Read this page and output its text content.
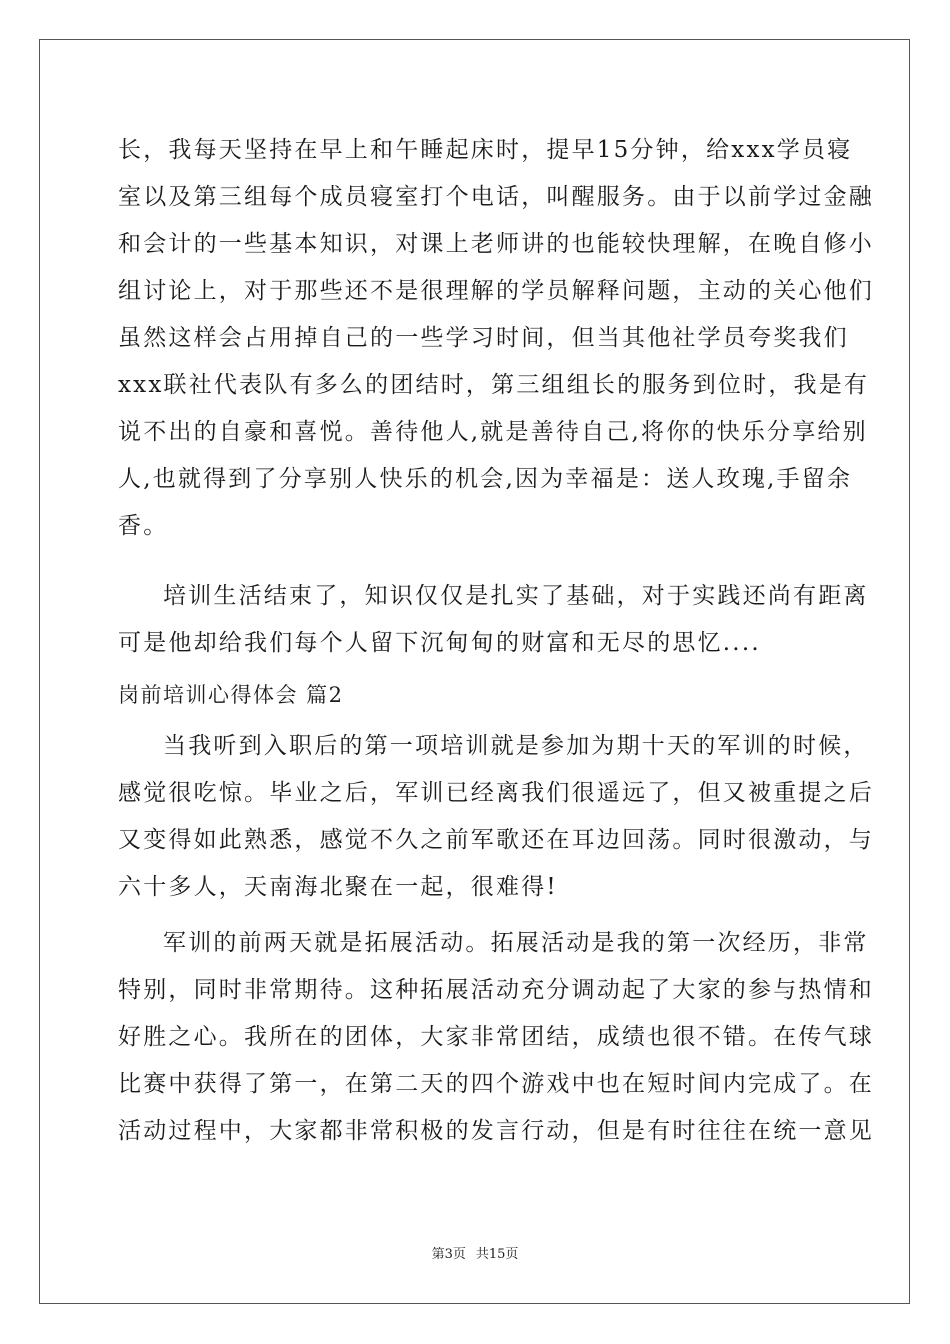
长，我每天坚持在早上和午睡起床时，提早15分钟，给xxx学员寝
室以及第三组每个成员寝室打个电话，叫醒服务。由于以前学过金融
和会计的一些基本知识，对课上老师讲的也能较快理解，在晚自修小
组讨论上，对于那些还不是很理解的学员解释问题，主动的关心他们
虽然这样会占用掉自己的一些学习时间，但当其他社学员夸奖我们
xxx联社代表队有多么的团结时，第三组组长的服务到位时，我是有
说不出的自豪和喜悦。善待他人,就是善待自己,将你的快乐分享给别
人,也就得到了分享别人快乐的机会,因为幸福是：送人玫瑰,手留余
香。
培训生活结束了，知识仅仅是扎实了基础，对于实践还尚有距离
可是他却给我们每个人留下沉甸甸的财富和无尽的思忆....
岗前培训心得体会 篇2
当我听到入职后的第一项培训就是参加为期十天的军训的时候，
感觉很吃惊。毕业之后，军训已经离我们很遥远了，但又被重提之后
又变得如此熟悉，感觉不久之前军歌还在耳边回荡。同时很激动，与
六十多人，天南海北聚在一起，很难得!
军训的前两天就是拓展活动。拓展活动是我的第一次经历，非常
特别，同时非常期待。这种拓展活动充分调动起了大家的参与热情和
好胜之心。我所在的团体，大家非常团结，成绩也很不错。在传气球
比赛中获得了第一，在第二天的四个游戏中也在短时间内完成了。在
活动过程中，大家都非常积极的发言行动，但是有时往往在统一意见
第3页 共15页
